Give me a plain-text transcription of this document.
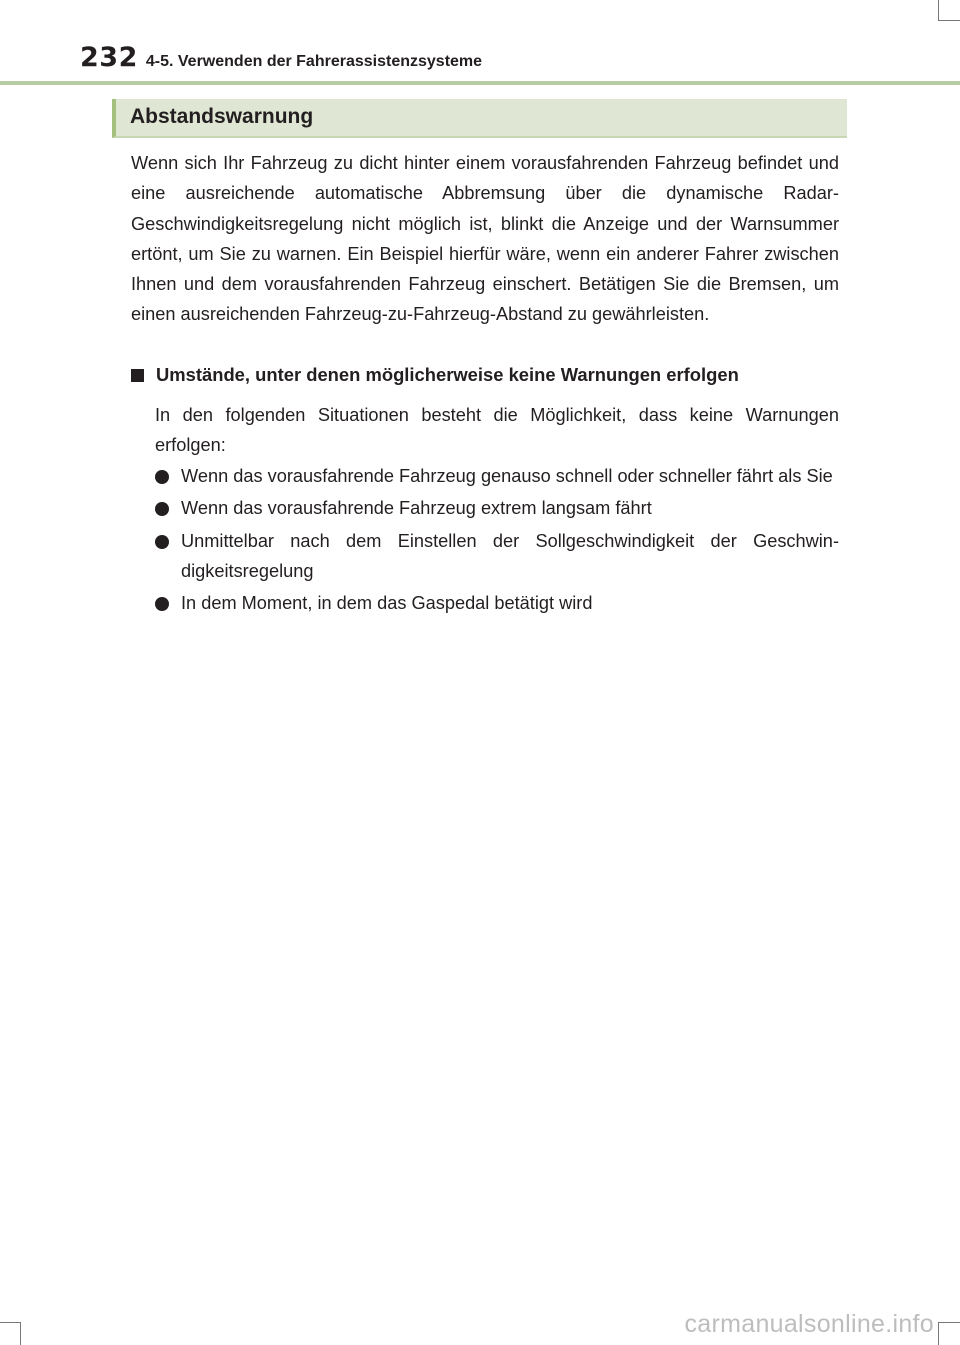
232 4-5. Verwenden der Fahrerassistenzsysteme
Abstandswarnung
Wenn sich Ihr Fahrzeug zu dicht hinter einem vorausfahrenden Fahrzeug befindet und eine ausreichende automatische Abbremsung über die dynamische Radar-Geschwindigkeitsregelung nicht möglich ist, blinkt die Anzeige und der Warnsummer ertönt, um Sie zu warnen. Ein Beispiel hierfür wäre, wenn ein anderer Fahrer zwischen Ihnen und dem vorausfahrenden Fahrzeug einschert. Betätigen Sie die Bremsen, um einen ausreichenden Fahrzeug-zu-Fahrzeug-Abstand zu gewährleisten.
Umstände, unter denen möglicherweise keine Warnungen erfolgen
In den folgenden Situationen besteht die Möglichkeit, dass keine Warnungen erfolgen:
Wenn das vorausfahrende Fahrzeug genauso schnell oder schneller fährt als Sie
Wenn das vorausfahrende Fahrzeug extrem langsam fährt
Unmittelbar nach dem Einstellen der Sollgeschwindigkeit der Geschwindigkeitsregelung
In dem Moment, in dem das Gaspedal betätigt wird
carmanualsonline.info
